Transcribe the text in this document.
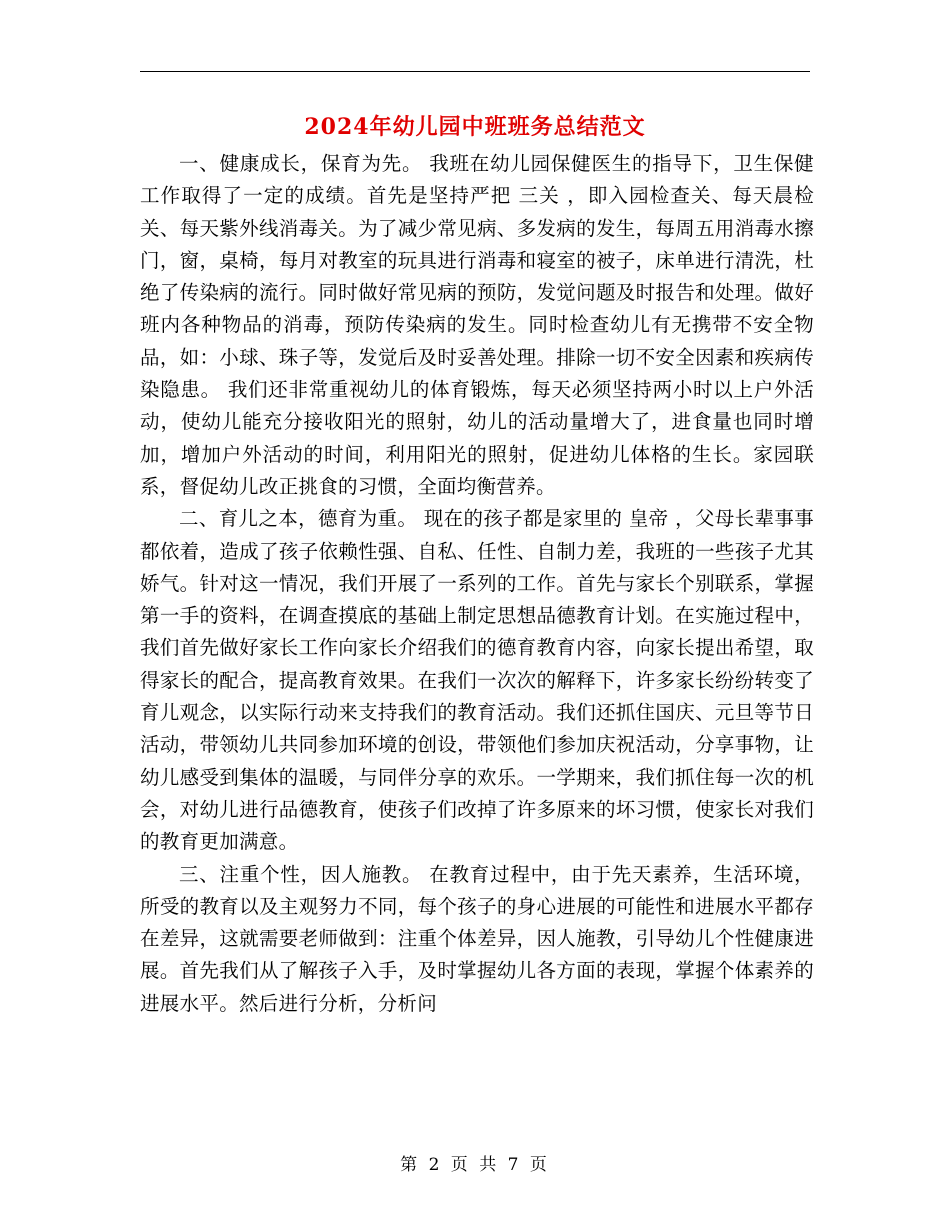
2024年幼儿园中班班务总结范文

一、健康成长，保育为先。 我班在幼儿园保健医生的指导下，卫生保健工作取得了一定的成绩。首先是坚持严把 三关 ，即入园检查关、每天晨检关、每天紫外线消毒关。为了减少常见病、多发病的发生，每周五用消毒水擦门，窗，桌椅，每月对教室的玩具进行消毒和寝室的被子，床单进行清洗，杜绝了传染病的流行。同时做好常见病的预防，发觉问题及时报告和处理。做好班内各种物品的消毒，预防传染病的发生。同时检查幼儿有无携带不安全物品，如：小球、珠子等，发觉后及时妥善处理。排除一切不安全因素和疾病传染隐患。 我们还非常重视幼儿的体育锻炼，每天必须坚持两小时以上户外活动，使幼儿能充分接收阳光的照射，幼儿的活动量增大了，进食量也同时增加，增加户外活动的时间，利用阳光的照射，促进幼儿体格的生长。家园联系，督促幼儿改正挑食的习惯，全面均衡营养。

二、育儿之本，德育为重。 现在的孩子都是家里的 皇帝 ，父母长辈事事都依着，造成了孩子依赖性强、自私、任性、自制力差，我班的一些孩子尤其娇气。针对这一情况，我们开展了一系列的工作。首先与家长个别联系，掌握第一手的资料，在调查摸底的基础上制定思想品德教育计划。在实施过程中，我们首先做好家长工作向家长介绍我们的德育教育内容，向家长提出希望，取得家长的配合，提高教育效果。在我们一次次的解释下，许多家长纷纷转变了育儿观念，以实际行动来支持我们的教育活动。我们还抓住国庆、元旦等节日活动，带领幼儿共同参加环境的创设，带领他们参加庆祝活动，分享事物，让幼儿感受到集体的温暖，与同伴分享的欢乐。一学期来，我们抓住每一次的机会，对幼儿进行品德教育，使孩子们改掉了许多原来的坏习惯，使家长对我们的教育更加满意。

三、注重个性，因人施教。 在教育过程中，由于先天素养，生活环境，所受的教育以及主观努力不同，每个孩子的身心进展的可能性和进展水平都存在差异，这就需要老师做到：注重个体差异，因人施教，引导幼儿个性健康进展。首先我们从了解孩子入手，及时掌握幼儿各方面的表现，掌握个体素养的进展水平。然后进行分析，分析问

第 2 页 共 7 页
